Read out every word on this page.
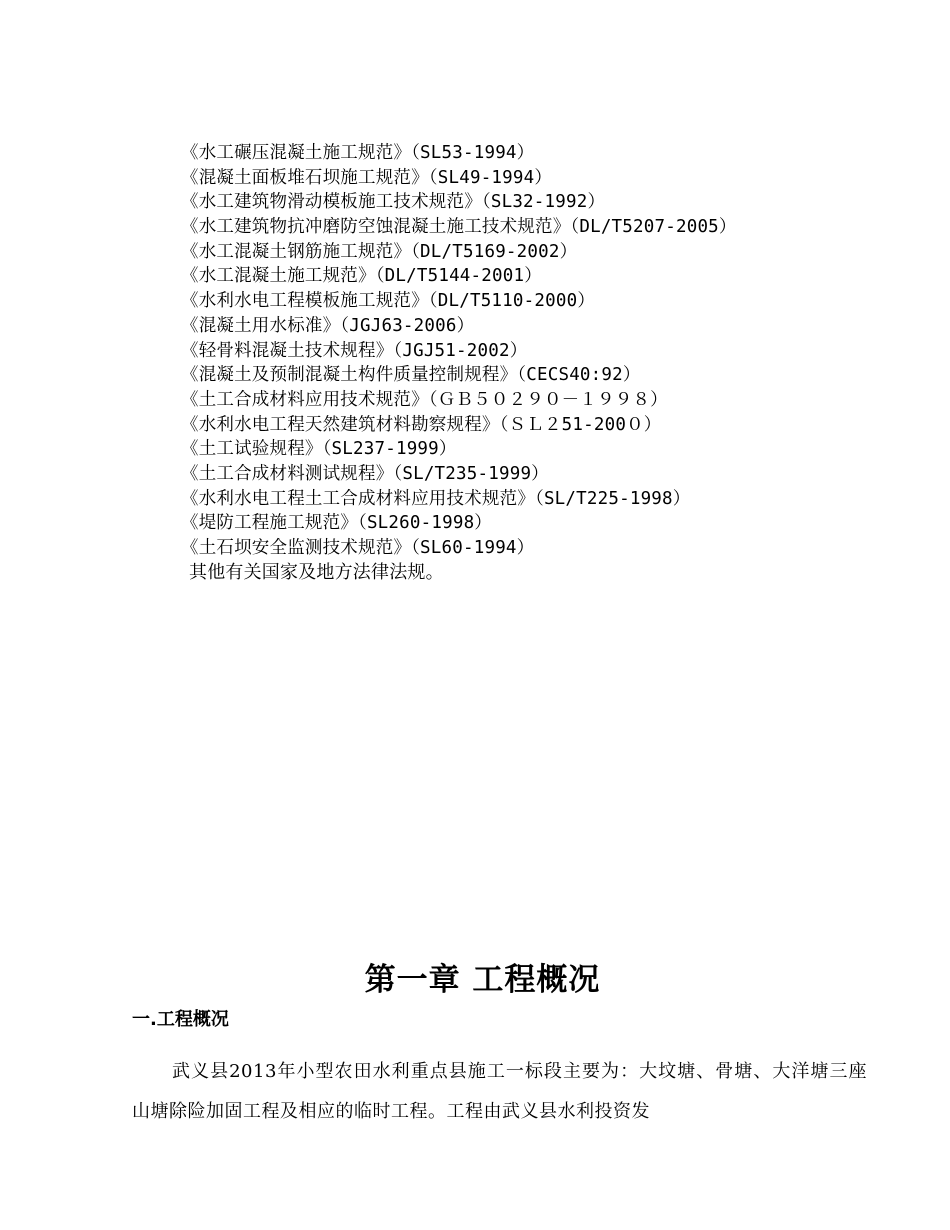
《水工碾压混凝土施工规范》（SL53-1994）
《混凝土面板堆石坝施工规范》（SL49-1994）
《水工建筑物滑动模板施工技术规范》（SL32-1992）
《水工建筑物抗冲磨防空蚀混凝土施工技术规范》（DL/T5207-2005）
《水工混凝土钢筋施工规范》（DL/T5169-2002）
《水工混凝土施工规范》（DL/T5144-2001）
《水利水电工程模板施工规范》（DL/T5110-2000）
《混凝土用水标准》（JGJ63-2006）
《轻骨料混凝土技术规程》（JGJ51-2002）
《混凝土及预制混凝土构件质量控制规程》（CECS40:92）
《土工合成材料应用技术规范》（ＧＢ５０２９０－１９９８）
《水利水电工程天然建筑材料勘察规程》（ＳＬ２51-200０）
《土工试验规程》（SL237-1999）
《土工合成材料测试规程》（SL/T235-1999）
《水利水电工程土工合成材料应用技术规范》（SL/T225-1998）
《堤防工程施工规范》（SL260-1998）
《土石坝安全监测技术规范》（SL60-1994）
其他有关国家及地方法律法规。
第一章 工程概况
一.工程概况

武义县2013年小型农田水利重点县施工一标段主要为：大坟塘、骨塘、大洋塘三座山塘除险加固工程及相应的临时工程。工程由武义县水利投资发
